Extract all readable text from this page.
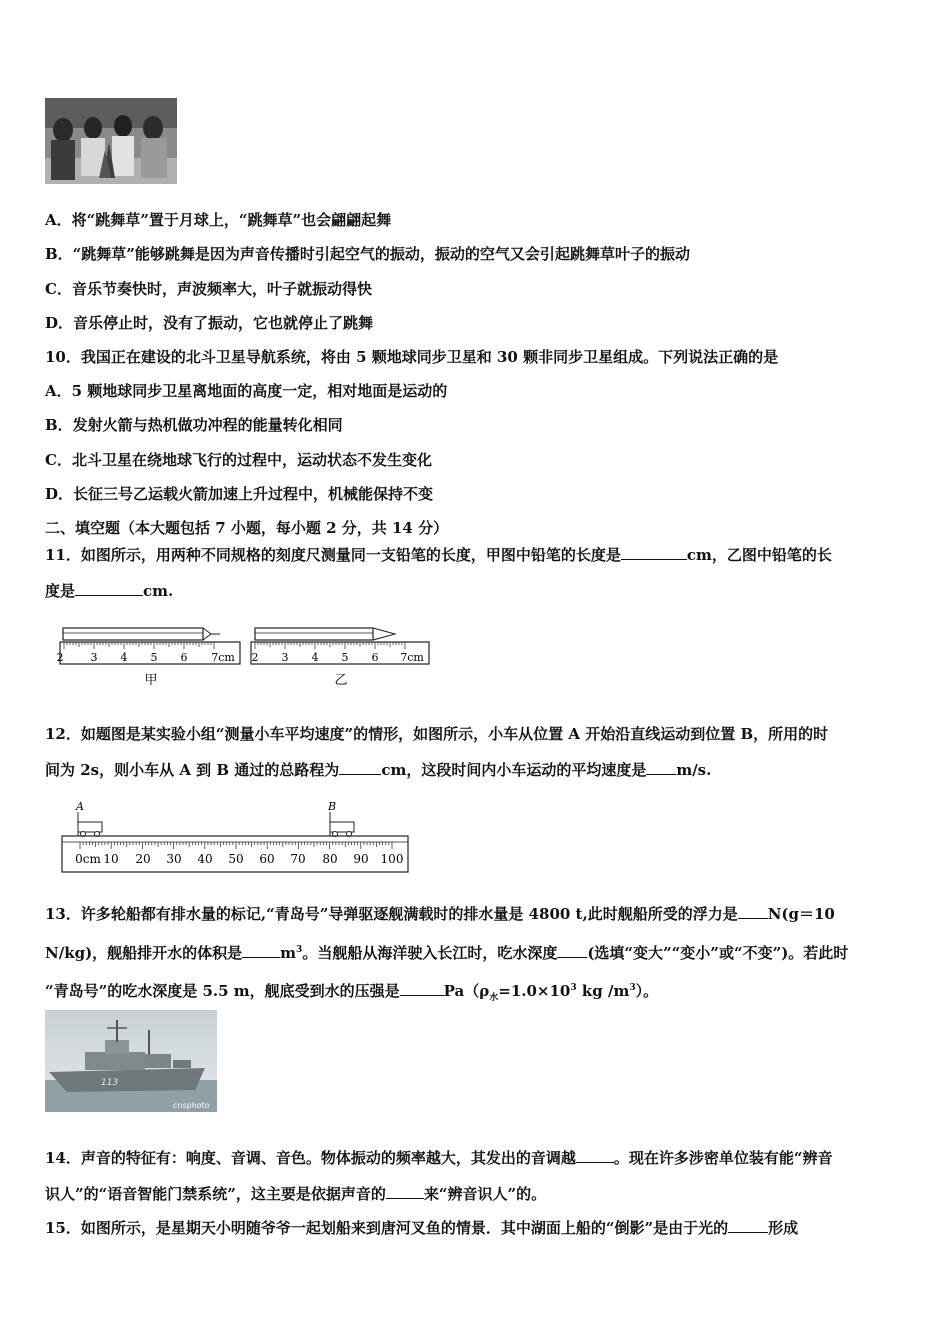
A．将“跳舞草”置于月球上，“跳舞草”也会翩翩起舞
B．“跳舞草”能够跳舞是因为声音传播时引起空气的振动，振动的空气又会引起跳舞草叶子的振动
C．音乐节奏快时，声波频率大，叶子就振动得快
D．音乐停止时，没有了振动，它也就停止了跳舞
10．我国正在建设的北斗卫星导航系统，将由 5 颗地球同步卫星和 30 颗非同步卫星组成。下列说法正确的是
A．5 颗地球同步卫星离地面的高度一定，相对地面是运动的
B．发射火箭与热机做功冲程的能量转化相同
C．北斗卫星在绕地球飞行的过程中，运动状态不发生变化
D．长征三号乙运载火箭加速上升过程中，机械能保持不变
二、填空题（本大题包括 7 小题，每小题 2 分，共 14 分）
11．如图所示，用两种不同规格的刻度尺测量同一支铅笔的长度，甲图中铅笔的长度是	cm，乙图中铅笔的长
度是	cm.
2 3 4 5 6 7cm
甲
2 3 4 5 6 7cm
乙
12．如题图是某实验小组“测量小车平均速度”的情形，如图所示，小车从位置 A 开始沿直线运动到位置 B，所用的时
间为 2s，则小车从 A 到 B 通过的总路程为	cm，这段时间内小车运动的平均速度是 m/s.
A	B
0cm 10 20 30 40 50 60 70 80 90 100
13．许多轮船都有排水量的标记,“青岛号”导弹驱逐舰满载时的排水量是 4800 t,此时舰船所受的浮力是 N(g＝10
N/kg)，舰船排开水的体积是	$m^3$。当舰船从海洋驶入长江时，吃水深度 (选填“变大”“变小”或“不变”)。若此时
“青岛号”的吃水深度是 5.5 m，舰底受到水的压强是	$Pa(\rho_水=1.0\times 10^3$ kg $/m^3$）。
113
cnsphoto
14．声音的特征有：响度、音调、音色。物体振动的频率越大，其发出的音调越	。现在许多涉密单位装有能“辨音
识人”的“语音智能门禁系统”，这主要是依据声音的	来“辨音识人”的。
15．如图所示，是星期天小明随爷爷一起划船来到唐河叉鱼的情景．其中湖面上船的“倒影”是由于光的	形成
